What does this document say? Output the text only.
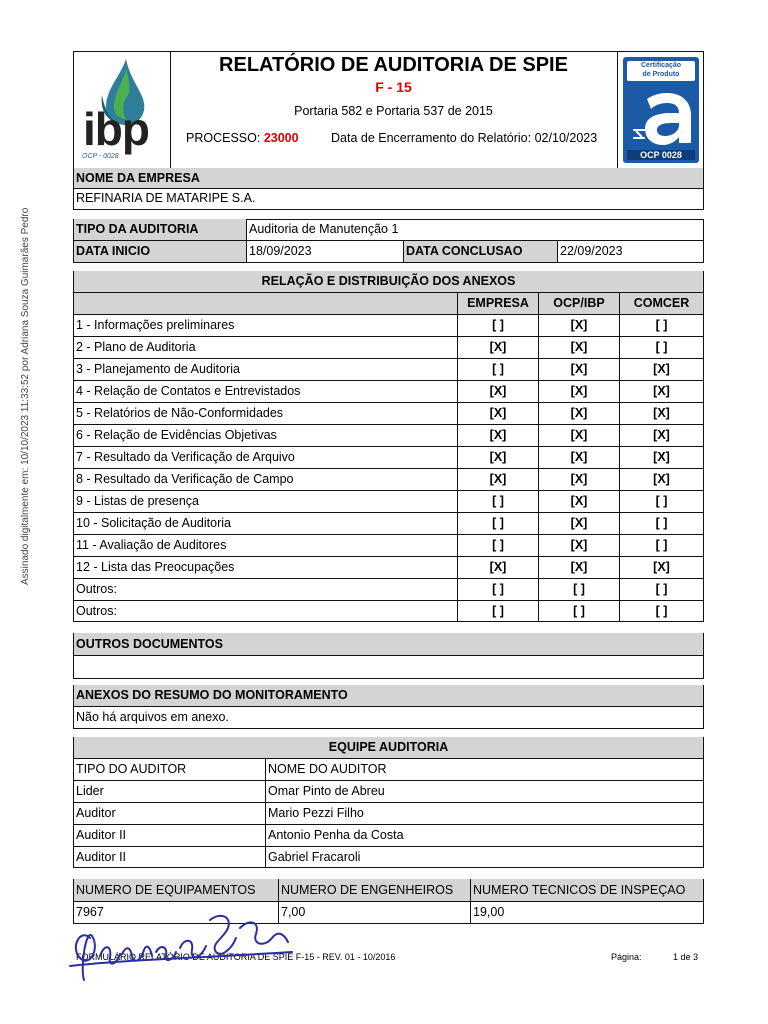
Assinado digitalmente em: 10/10/2023 11:33:52 por Adriana Souza Guimarães Pedro
ibp
OCP - 0028
RELATÓRIO DE AUDITORIA DE SPIE
F - 15
Portaria 582 e Portaria 537 de 2015
PROCESSO: 23000	Data de Encerramento do Relatório: 02/10/2023
Certificação
de Produto
OCP 0028
NOME DA EMPRESA
REFINARIA DE MATARIPE S.A.
TIPO DA AUDITORIA	Auditoria de Manutenção 1
DATA INICIO	18/09/2023	DATA CONCLUSAO	22/09/2023
RELAÇÃO E DISTRIBUIÇÃO DOS ANEXOS
EMPRESA	OCP/IBP	COMCER
1 - Informações preliminares	[ ]	[X]	[ ]
2 - Plano de Auditoria	[X]	[X]	[ ]
3 - Planejamento de Auditoria	[ ]	[X]	[X]
4 - Relação de Contatos e Entrevistados	[X]	[X]	[X]
5 - Relatórios de Não-Conformidades	[X]	[X]	[X]
6 - Relação de Evidências Objetivas	[X]	[X]	[X]
7 - Resultado da Verificação de Arquivo	[X]	[X]	[X]
8 - Resultado da Verificação de Campo	[X]	[X]	[X]
9 - Listas de presença	[ ]	[X]	[ ]
10 - Solicitação de Auditoria	[ ]	[X]	[ ]
11 - Avaliação de Auditores	[ ]	[X]	[ ]
12 - Lista das Preocupações	[X]	[X]	[X]
Outros:	[ ]	[ ]	[ ]
Outros:	[ ]	[ ]	[ ]
OUTROS DOCUMENTOS
ANEXOS DO RESUMO DO MONITORAMENTO
Não há arquivos em anexo.
EQUIPE AUDITORIA
TIPO DO AUDITOR	NOME DO AUDITOR
Lider	Omar Pinto de Abreu
Auditor	Mario Pezzi Filho
Auditor II	Antonio Penha da Costa
Auditor II	Gabriel Fracaroli
NUMERO DE EQUIPAMENTOS	NUMERO DE ENGENHEIROS	NUMERO TECNICOS DE INSPEÇAO
7967	7,00	19,00
FORMULÁRIO RELATÓRIO DE AUDITORIA DE SPIE F-15 - REV. 01 - 10/2016	Página:	1 de 3
